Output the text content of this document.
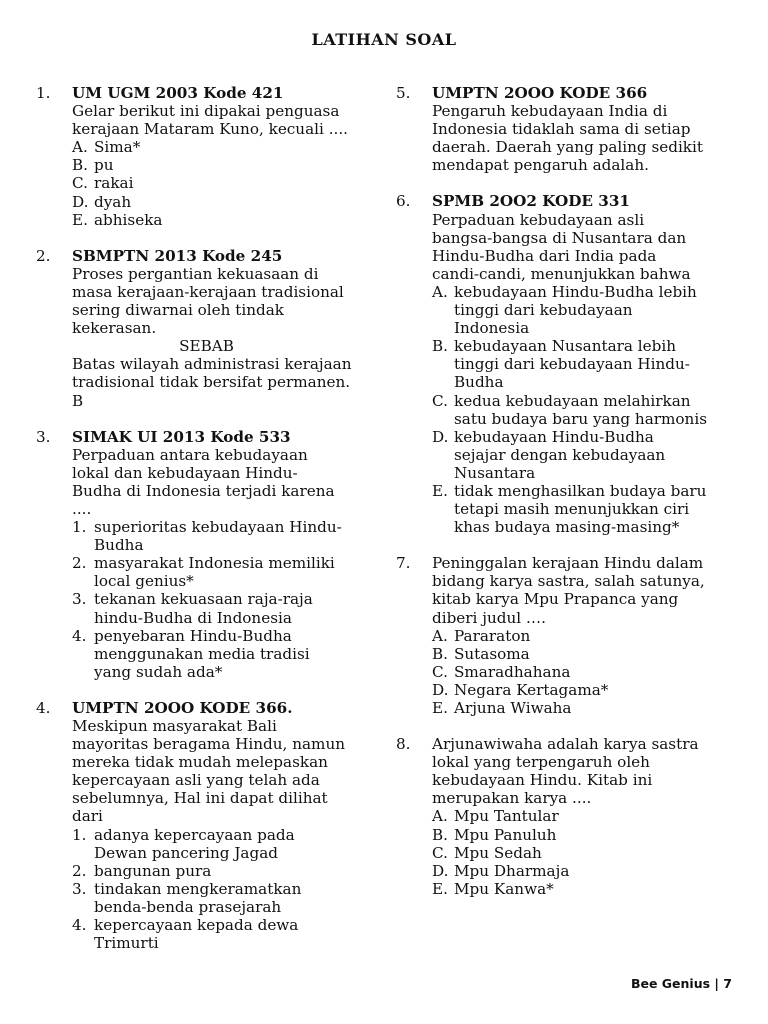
LATIHAN SOAL
1. UM UGM 2003 Kode 421
Gelar berikut ini dipakai penguasa
kerajaan Mataram Kuno, kecuali ....
A. Sima*
B. pu
C. rakai
D. dyah
E. abhiseka
2. SBMPTN 2013 Kode 245
Proses pergantian kekuasaan di
masa kerajaan-kerajaan tradisional
sering diwarnai oleh tindak
kekerasan.
SEBAB
Batas wilayah administrasi kerajaan
tradisional tidak bersifat permanen.
B
3. SIMAK UI 2013 Kode 533
Perpaduan antara kebudayaan
lokal dan kebudayaan Hindu-
Budha di Indonesia terjadi karena
....
1. superioritas kebudayaan Hindu-
Budha
2. masyarakat Indonesia memiliki
local genius*
3. tekanan kekuasaan raja-raja
hindu-Budha di Indonesia
4. penyebaran Hindu-Budha
menggunakan media tradisi
yang sudah ada*
4. UMPTN 2OOO KODE 366.
Meskipun masyarakat Bali
mayoritas beragama Hindu, namun
mereka tidak mudah melepaskan
kepercayaan asli yang telah ada
sebelumnya, Hal ini dapat dilihat
dari
1. adanya kepercayaan pada
Dewan pancering Jagad
2. bangunan pura
3. tindakan mengkeramatkan
benda-benda prasejarah
4. kepercayaan kepada dewa
Trimurti
5. UMPTN 2OOO KODE 366
Pengaruh kebudayaan India di
Indonesia tidaklah sama di setiap
daerah. Daerah yang paling sedikit
mendapat pengaruh adalah.
6. SPMB 2OO2 KODE 331
Perpaduan kebudayaan asli
bangsa-bangsa di Nusantara dan
Hindu-Budha dari India pada
candi-candi, menunjukkan bahwa
A. kebudayaan Hindu-Budha lebih
tinggi dari kebudayaan
Indonesia
B. kebudayaan Nusantara lebih
tinggi dari kebudayaan Hindu-
Budha
C. kedua kebudayaan melahirkan
satu budaya baru yang harmonis
D. kebudayaan Hindu-Budha
sejajar dengan kebudayaan
Nusantara
E. tidak menghasilkan budaya baru
tetapi masih menunjukkan ciri
khas budaya masing-masing*
7. Peninggalan kerajaan Hindu dalam
bidang karya sastra, salah satunya,
kitab karya Mpu Prapanca yang
diberi judul ….
A. Pararaton
B. Sutasoma
C. Smaradhahana
D. Negara Kertagama*
E. Arjuna Wiwaha
8. Arjunawiwaha adalah karya sastra
lokal yang terpengaruh oleh
kebudayaan Hindu. Kitab ini
merupakan karya ....
A. Mpu Tantular
B. Mpu Panuluh
C. Mpu Sedah
D. Mpu Dharmaja
E. Mpu Kanwa*
Bee Genius | 7
